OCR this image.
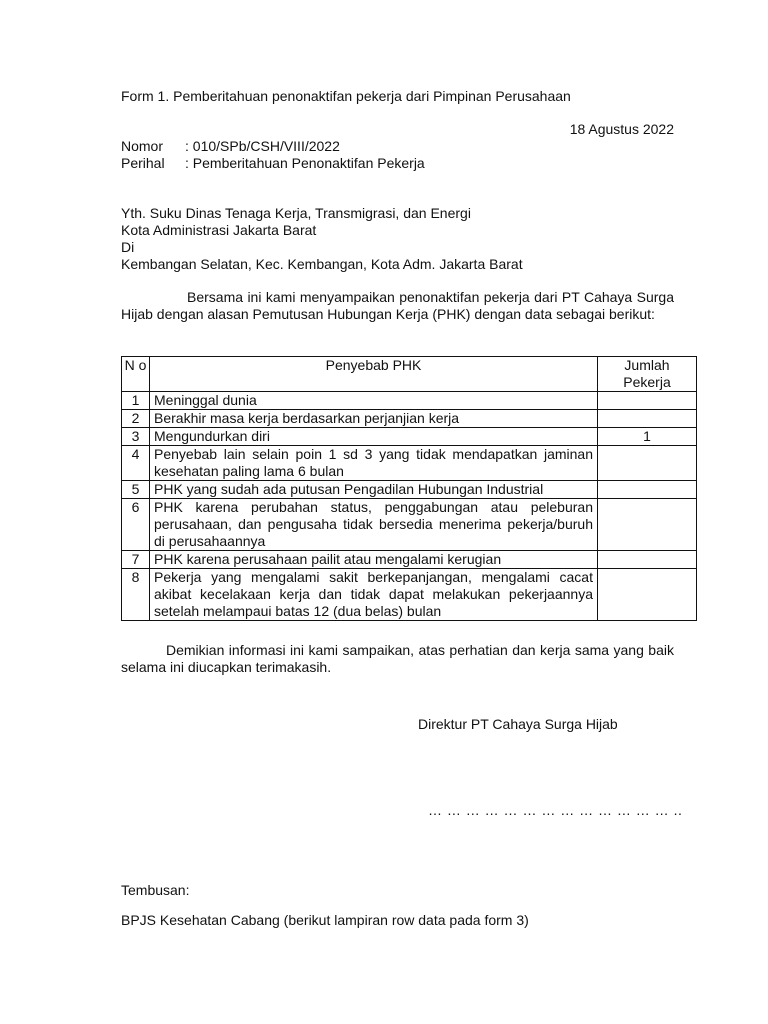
Form 1. Pemberitahuan penonaktifan pekerja dari Pimpinan Perusahaan
18 Agustus 2022
Nomor : 010/SPb/CSH/VIII/2022
Perihal : Pemberitahuan Penonaktifan Pekerja
Yth. Suku Dinas Tenaga Kerja, Transmigrasi, dan Energi
Kota Administrasi Jakarta Barat
Di
Kembangan Selatan, Kec. Kembangan, Kota Adm. Jakarta Barat
Bersama ini kami menyampaikan penonaktifan pekerja dari PT Cahaya Surga Hijab dengan alasan Pemutusan Hubungan Kerja (PHK) dengan data sebagai berikut:
N o	Penyebab PHK	Jumlah Pekerja
1	Meninggal dunia	
2	Berakhir masa kerja berdasarkan perjanjian kerja	
3	Mengundurkan diri	1
4	Penyebab lain selain poin 1 sd 3 yang tidak mendapatkan jaminan kesehatan paling lama 6 bulan	
5	PHK yang sudah ada putusan Pengadilan Hubungan Industrial	
6	PHK karena perubahan status, penggabungan atau peleburan perusahaan, dan pengusaha tidak bersedia menerima pekerja/buruh di perusahaannya	
7	PHK karena perusahaan pailit atau mengalami kerugian	
8	Pekerja yang mengalami sakit berkepanjangan, mengalami cacat akibat kecelakaan kerja dan tidak dapat melakukan pekerjaannya setelah melampaui batas 12 (dua belas) bulan	
Demikian informasi ini kami sampaikan, atas perhatian dan kerja sama yang baik selama ini diucapkan terimakasih.
Direktur PT Cahaya Surga Hijab
… … … … … … … … … … … … … ..
Tembusan:
BPJS Kesehatan Cabang (berikut lampiran row data pada form 3)
